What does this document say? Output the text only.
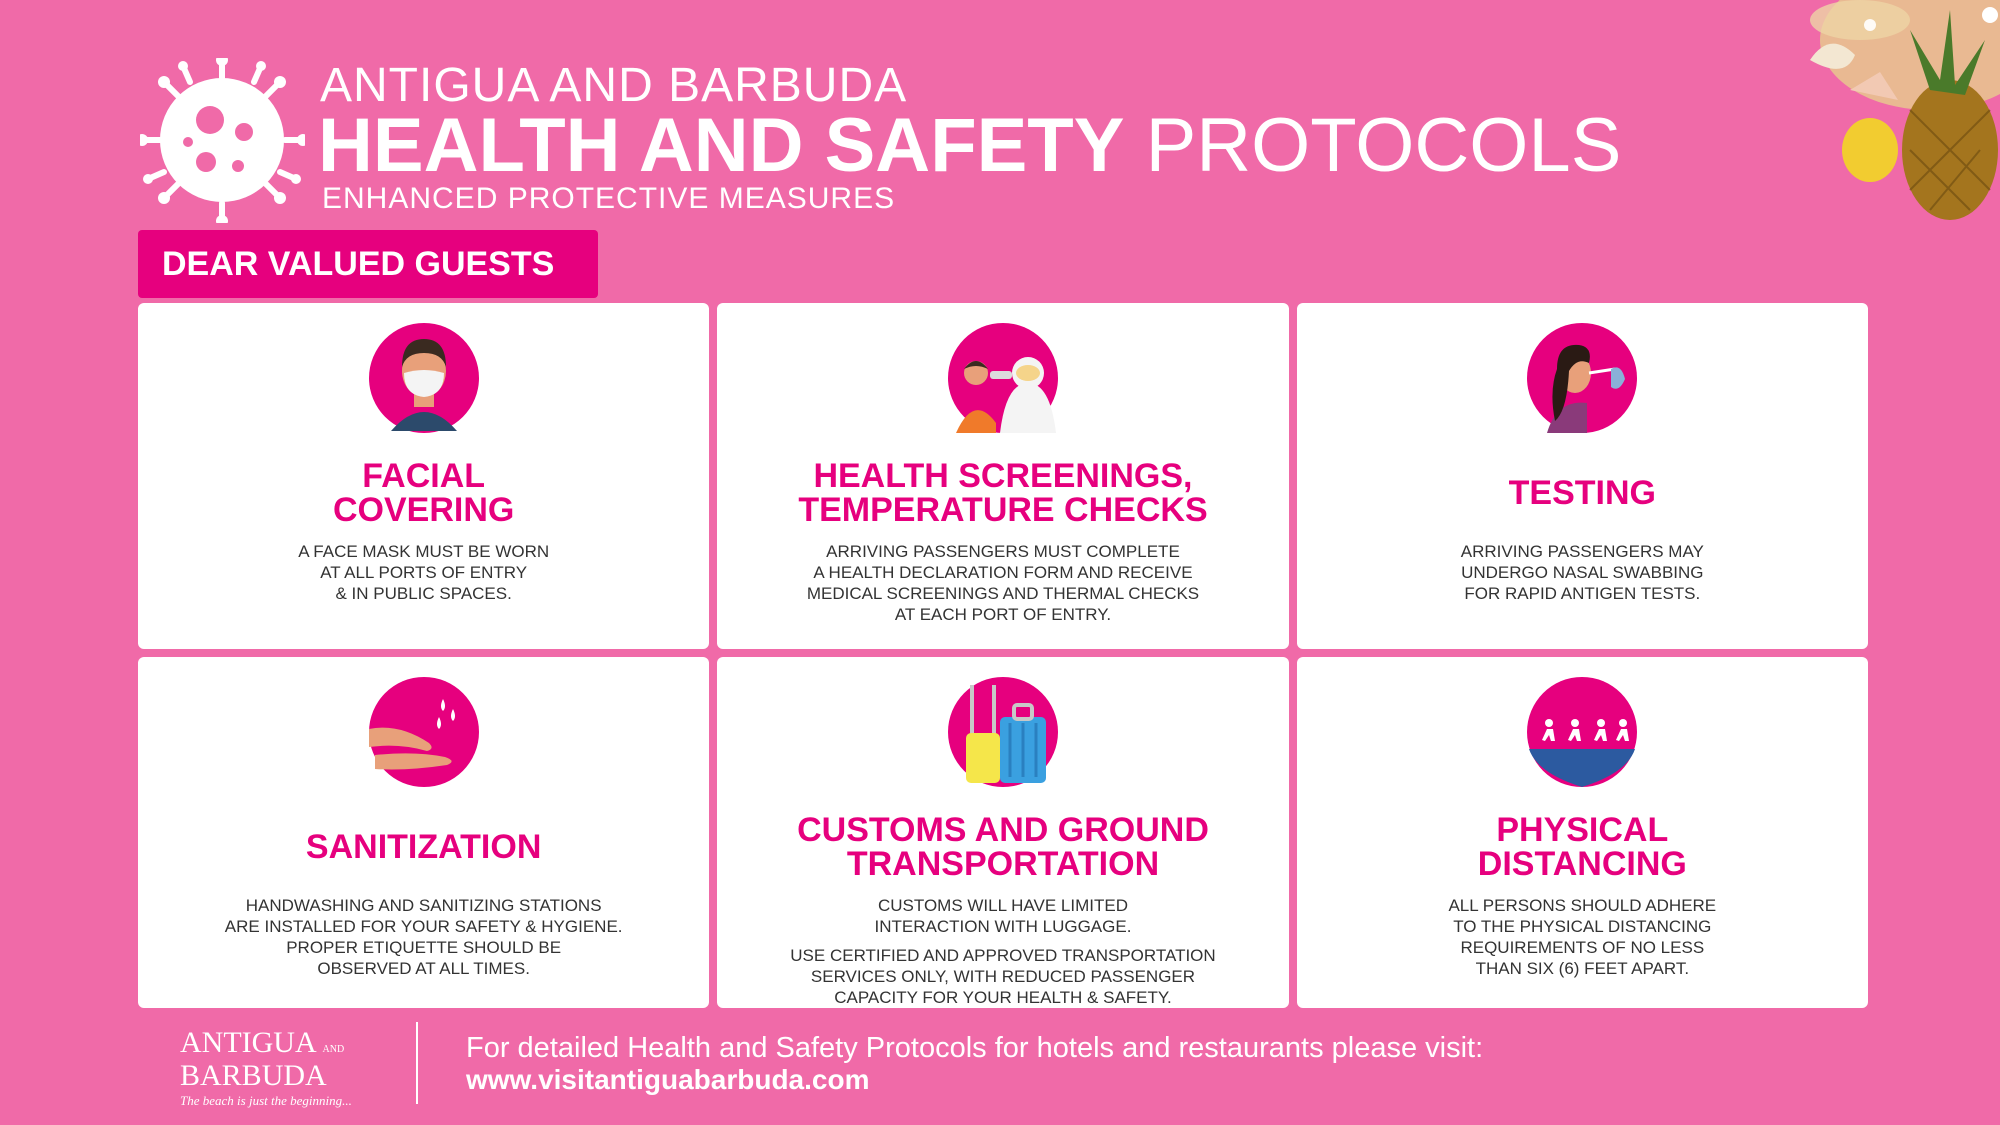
ANTIGUA AND BARBUDA
HEALTH AND SAFETY PROTOCOLS
ENHANCED PROTECTIVE MEASURES
DEAR VALUED GUESTS
FACIAL
COVERING
A FACE MASK MUST BE WORN
AT ALL PORTS OF ENTRY
& IN PUBLIC SPACES.
HEALTH SCREENINGS,
TEMPERATURE CHECKS
ARRIVING PASSENGERS MUST COMPLETE
A HEALTH DECLARATION FORM AND RECEIVE
MEDICAL SCREENINGS AND THERMAL CHECKS
AT EACH PORT OF ENTRY.
TESTING
ARRIVING PASSENGERS MAY
UNDERGO NASAL SWABBING
FOR RAPID ANTIGEN TESTS.
SANITIZATION
HANDWASHING AND SANITIZING STATIONS
ARE INSTALLED FOR YOUR SAFETY & HYGIENE.
PROPER ETIQUETTE SHOULD BE
OBSERVED AT ALL TIMES.
CUSTOMS AND GROUND
TRANSPORTATION
CUSTOMS WILL HAVE LIMITED
INTERACTION WITH LUGGAGE.
USE CERTIFIED AND APPROVED TRANSPORTATION
SERVICES ONLY, WITH REDUCED PASSENGER
CAPACITY FOR YOUR HEALTH & SAFETY.
PHYSICAL
DISTANCING
ALL PERSONS SHOULD ADHERE
TO THE PHYSICAL DISTANCING
REQUIREMENTS OF NO LESS
THAN SIX (6) FEET APART.
ANTIGUA AND BARBUDA
The beach is just the beginning...
For detailed Health and Safety Protocols for hotels and restaurants please visit:
www.visitantiguabarbuda.com
